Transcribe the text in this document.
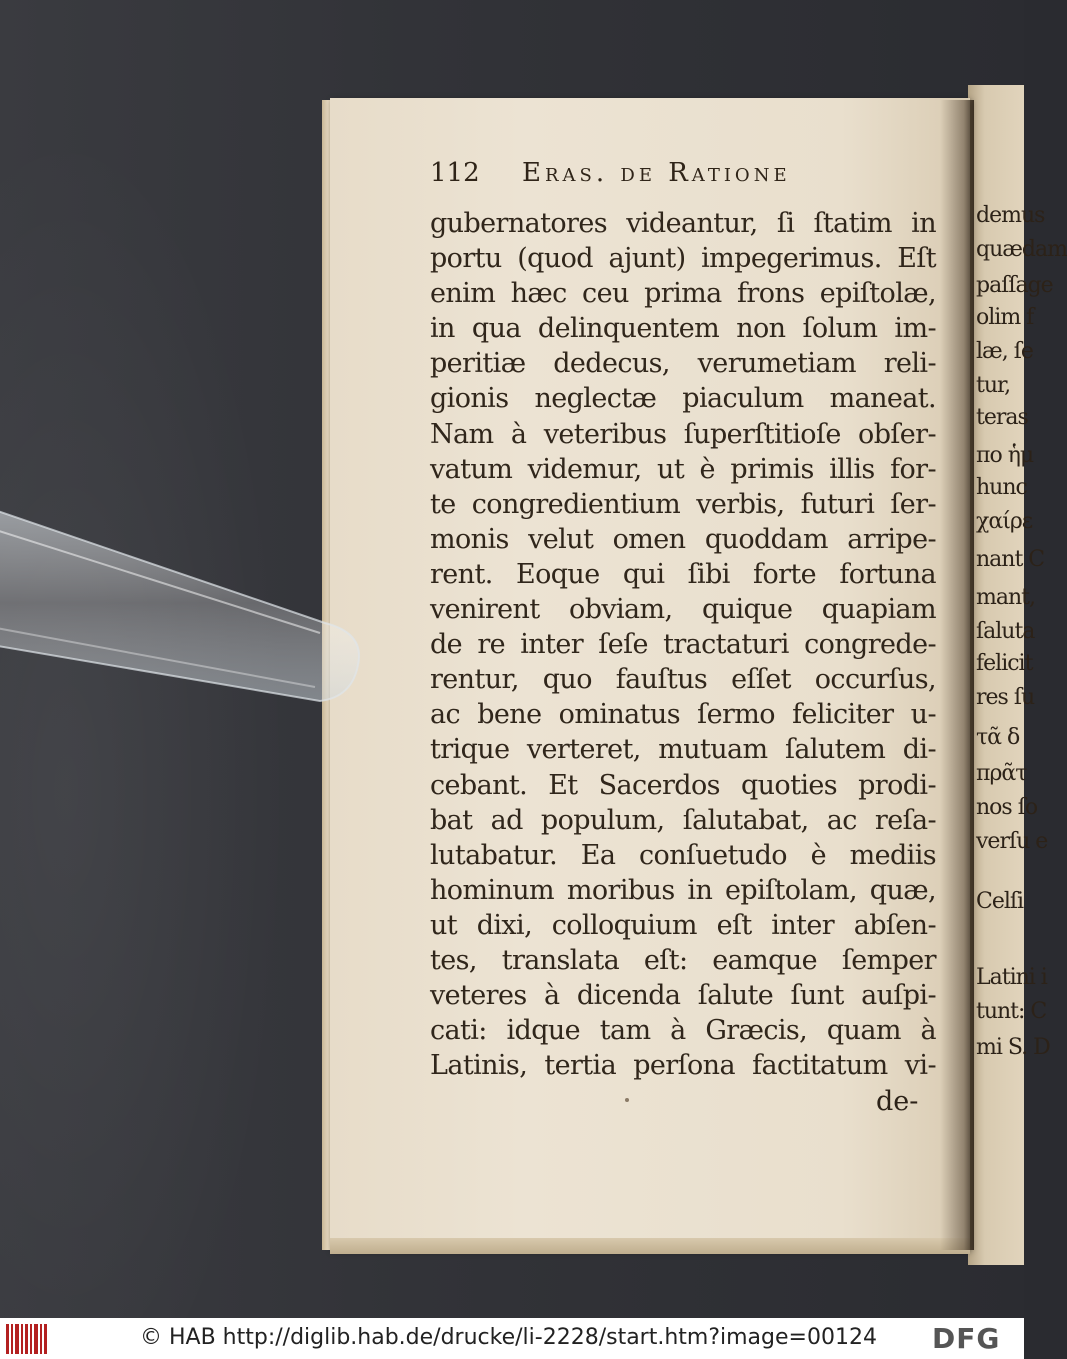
demus
quædam
paſſage
olim f
læ, ſe
tur,
teras
πο ἡμ
hunc
χαίρε
nant C
mant,
ſaluta
felicit
res ſu
τᾶ δ
πρᾶτ
nos ſo
verſu e
Celſi
Latini i
tunt: C
mi S. D
112 Eras. de Ratione
gubernatores videantur, ſi ſtatim in
portu (quod ajunt) impegerimus. Eſt
enim hæc ceu prima frons epiſtolæ,
in qua delinquentem non ſolum im-
peritiæ dedecus, verumetiam reli-
gionis neglectæ piaculum maneat.
Nam à veteribus ſuperſtitioſe obſer-
vatum videmur, ut è primis illis for-
te congredientium verbis, futuri ſer-
monis velut omen quoddam arripe-
rent. Eoque qui ſibi forte fortuna
venirent obviam, quique quapiam
de re inter ſeſe tractaturi congrede-
rentur, quo fauſtus eſſet occurſus,
ac bene ominatus ſermo feliciter u-
trique verteret, mutuam ſalutem di-
cebant. Et Sacerdos quoties prodi-
bat ad populum, ſalutabat, ac reſa-
lutabatur. Ea conſuetudo è mediis
hominum moribus in epiſtolam, quæ,
ut dixi, colloquium eſt inter abſen-
tes, translata eſt: eamque ſemper
veteres à dicenda ſalute ſunt auſpi-
cati: idque tam à Græcis, quam à
Latinis, tertia perſona factitatum vi-
de-
© HAB http://diglib.hab.de/drucke/li-2228/start.htm?image=00124 DFG
